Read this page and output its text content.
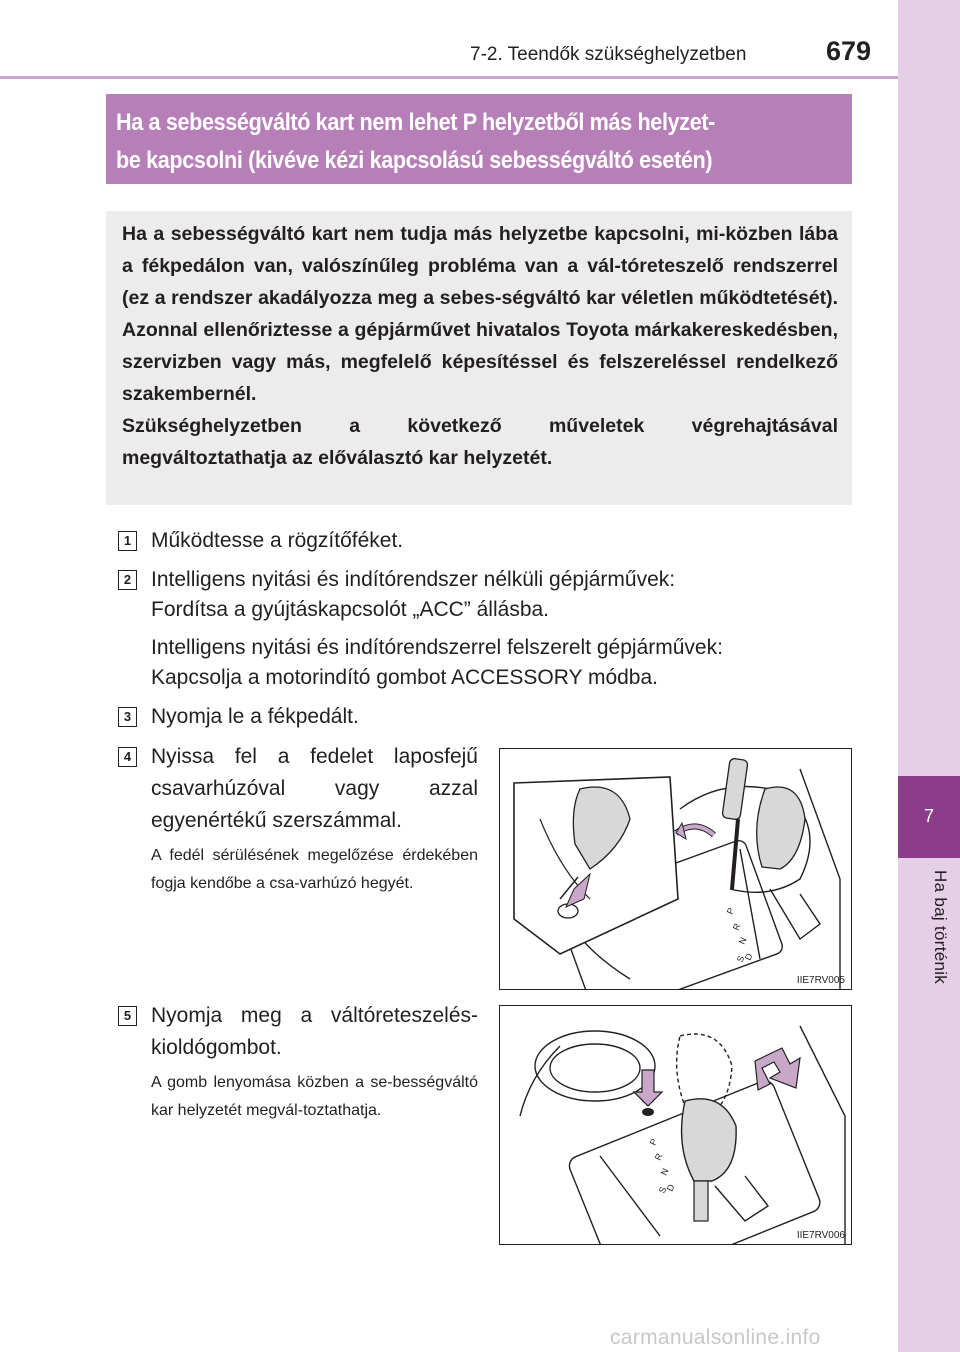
7
Ha baj történik
7-2. Teendők szükséghelyzetben	679
Ha a sebességváltó kart nem lehet P helyzetből más helyzet-
be kapcsolni (kivéve kézi kapcsolású sebességváltó esetén)

Ha a sebességváltó kart nem tudja más helyzetbe kapcsolni, mi-közben lába a fékpedálon van, valószínűleg probléma van a vál-tóreteszelő rendszerrel (ez a rendszer akadályozza meg a sebes-ségváltó kar véletlen működtetését). Azonnal ellenőriztesse a gépjárművet hivatalos Toyota márkakereskedésben, szervizben vagy más, megfelelő képesítéssel és felszereléssel rendelkező szakembernél.

Szükséghelyzetben a következő műveletek végrehajtásával megváltoztathatja az előválasztó kar helyzetét.

1 Működtesse a rögzítőféket.
2 Intelligens nyitási és indítórendszer nélküli gépjárművek:
Fordítsa a gyújtáskapcsolót „ACC” állásba.
Intelligens nyitási és indítórendszerrel felszerelt gépjárművek:
Kapcsolja a motorindító gombot ACCESSORY módba.
3 Nyomja le a fékpedált.
4 Nyissa fel a fedelet laposfejű csavarhúzóval vagy azzal egyenértékű szerszámmal.
A fedél sérülésének megelőzése érdekében fogja kendőbe a csa-varhúzó hegyét.
P
R
N
D
S
IIE7RV005
5 Nyomja meg a váltóreteszelés-kioldógombot.
A gomb lenyomása közben a se-bességváltó kar helyzetét megvál-toztathatja.
P
R
N
D
S
IIE7RV006
carmanualsonline.info
